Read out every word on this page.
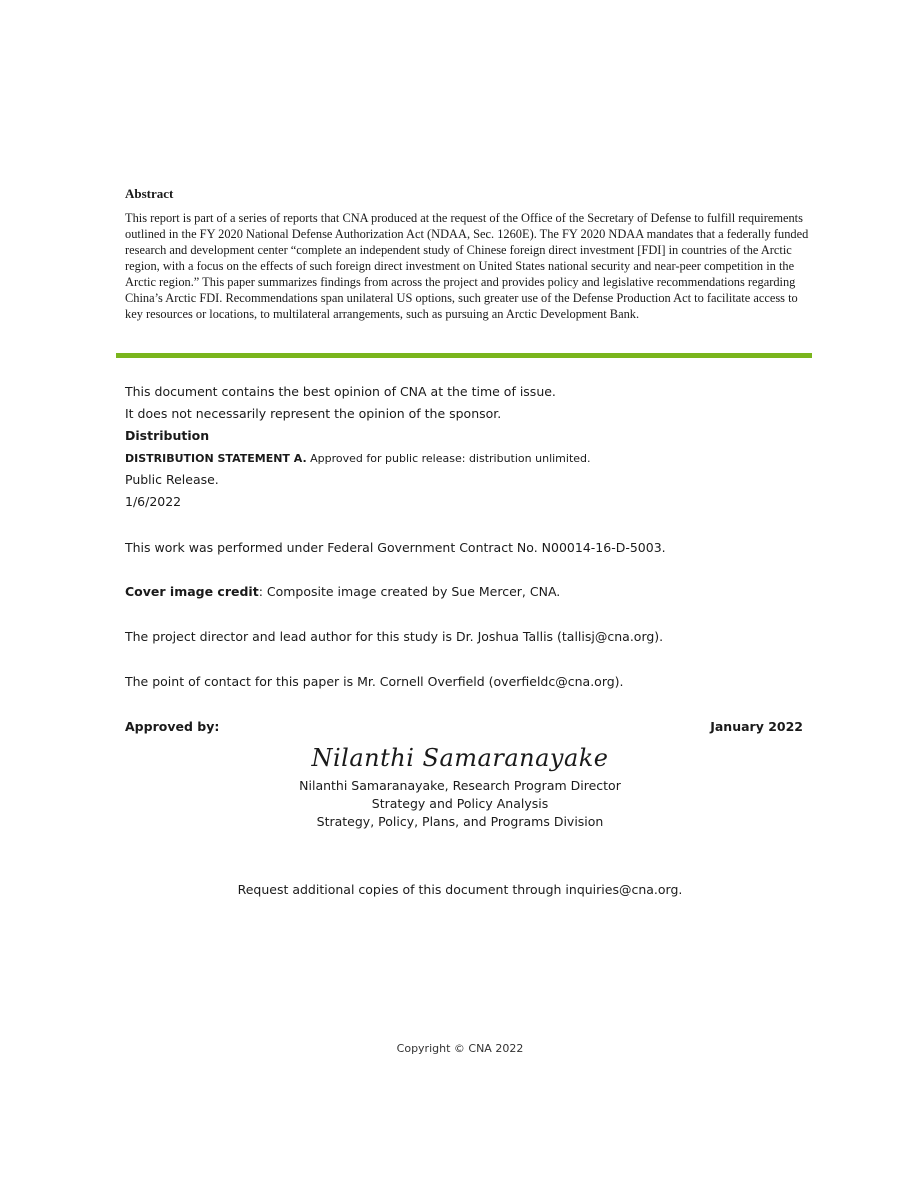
Abstract

This report is part of a series of reports that CNA produced at the request of the Office of the Secretary of Defense to fulfill requirements outlined in the FY 2020 National Defense Authorization Act (NDAA, Sec. 1260E). The FY 2020 NDAA mandates that a federally funded research and development center “complete an independent study of Chinese foreign direct investment [FDI] in countries of the Arctic region, with a focus on the effects of such foreign direct investment on United States national security and near-peer competition in the Arctic region.” This paper summarizes findings from across the project and provides policy and legislative recommendations regarding China’s Arctic FDI. Recommendations span unilateral US options, such greater use of the Defense Production Act to facilitate access to key resources or locations, to multilateral arrangements, such as pursuing an Arctic Development Bank.

This document contains the best opinion of CNA at the time of issue.

It does not necessarily represent the opinion of the sponsor.

Distribution

DISTRIBUTION STATEMENT A. Approved for public release: distribution unlimited.

Public Release.

1/6/2022

This work was performed under Federal Government Contract No. N00014-16-D-5003.

Cover image credit: Composite image created by Sue Mercer, CNA.

The project director and lead author for this study is Dr. Joshua Tallis (tallisj@cna.org).

The point of contact for this paper is Mr. Cornell Overfield (overfieldc@cna.org).

Approved by:	January 2022
Nilanthi Samaranayake
Nilanthi Samaranayake, Research Program Director
Strategy and Policy Analysis
Strategy, Policy, Plans, and Programs Division
Request additional copies of this document through inquiries@cna.org.
Copyright © CNA 2022
